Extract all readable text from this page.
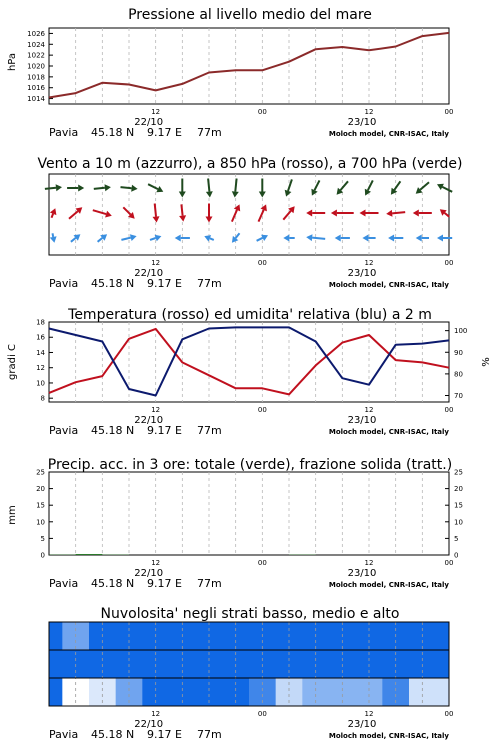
Pressione al livello medio del mare
hPa
1014
1016
1018
1020
1022
1024
1026
12	00	12	00
22/10	23/10
Pavia 45.18 N 9.17 E 77m	Moloch model, CNR-ISAC, Italy
Vento a 10 m (azzurro), a 850 hPa (rosso), a 700 hPa (verde)
12	00	12	00
22/10	23/10
Pavia 45.18 N 9.17 E 77m	Moloch model, CNR-ISAC, Italy
Temperatura (rosso) ed umidita' relativa (blu) a 2 m
gradi C	%
8
10
12
14
16
18
70
80
90
100
12	00	12	00
22/10	23/10
Pavia 45.18 N 9.17 E 77m	Moloch model, CNR-ISAC, Italy
Precip. acc. in 3 ore: totale (verde), frazione solida (tratt.)
mm
0
5
10
15
20
25
0
5
10
15
20
25
12	00	12	00
22/10	23/10
Pavia 45.18 N 9.17 E 77m	Moloch model, CNR-ISAC, Italy
Nuvolosita' negli strati basso, medio e alto
12	00	12	00
22/10	23/10
Pavia 45.18 N 9.17 E 77m	Moloch model, CNR-ISAC, Italy
